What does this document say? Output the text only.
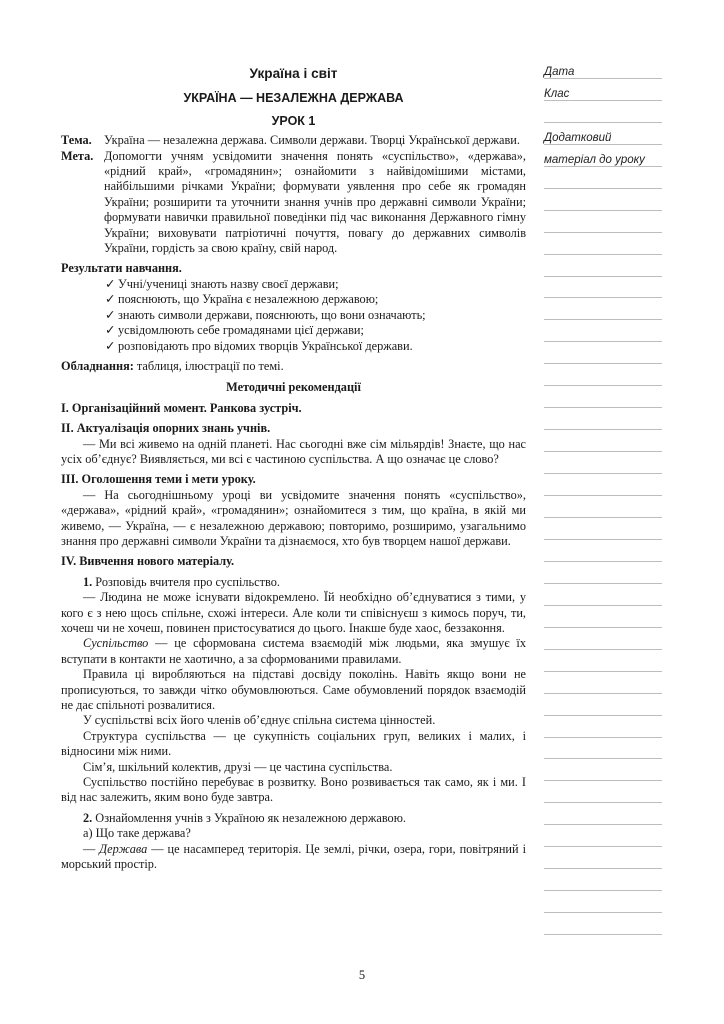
Україна і світ
УКРАЇНА — НЕЗАЛЕЖНА ДЕРЖАВА
УРОК 1
Тема. Україна — незалежна держава. Символи держави. Творці Української держави.
Мета. Допомогти учням усвідомити значення понять «суспільство», «держава», «рідний край», «громадянин»; ознайомити з найвідомішими містами, найбільшими річками України; формувати уявлення про себе як громадян України; розширити та уточнити знання учнів про державні символи України; формувати навички правильної поведінки під час виконання Державного гімну України; виховувати патріотичні почуття, повагу до державних символів України, гордість за свою країну, свій народ.
Результати навчання.
✓ Учні/учениці знають назву своєї держави;
✓ пояснюють, що Україна є незалежною державою;
✓ знають символи держави, пояснюють, що вони означають;
✓ усвідомлюють себе громадянами цієї держави;
✓ розповідають про відомих творців Української держави.
Обладнання: таблиця, ілюстрації по темі.
Методичні рекомендації
I. Організаційний момент. Ранкова зустріч.
II. Актуалізація опорних знань учнів.
— Ми всі живемо на одній планеті. Нас сьогодні вже сім мільярдів! Знаєте, що нас усіх об’єднує? Виявляється, ми всі є частиною суспільства. А що означає це слово?
III. Оголошення теми і мети уроку.
— На сьогоднішньому уроці ви усвідомите значення понять «суспільство», «держава», «рідний край», «громадянин»; ознайомитеся з тим, що країна, в якій ми живемо, — Україна, — є незалежною державою; повторимо, розширимо, узагальнимо знання про державні символи України та дізнаємося, хто був творцем нашої держави.
IV. Вивчення нового матеріалу.
1. Розповідь вчителя про суспільство.
— Людина не може існувати відокремлено. Їй необхідно об’єднуватися з тими, у кого є з нею щось спільне, схожі інтереси. Але коли ти співіснуєш з кимось поруч, ти, хочеш чи не хочеш, повинен пристосуватися до цього. Інакше буде хаос, беззаконня.
Суспільство — це сформована система взаємодій між людьми, яка змушує їх вступати в контакти не хаотично, а за сформованими правилами.
Правила ці виробляються на підставі досвіду поколінь. Навіть якщо вони не прописуються, то завжди чітко обумовлюються. Саме обумовлений порядок взаємодій не дає спільноті розвалитися.
У суспільстві всіх його членів об’єднує спільна система цінностей.
Структура суспільства — це сукупність соціальних груп, великих і малих, і відносини між ними.
Сім’я, шкільний колектив, друзі — це частина суспільства.
Суспільство постійно перебуває в розвитку. Воно розвивається так само, як і ми. І від нас залежить, яким воно буде завтра.
2. Ознайомлення учнів з Україною як незалежною державою.
а) Що таке держава?
— Держава — це насамперед територія. Це землі, річки, озера, гори, повітряний і морський простір.
Дата
Клас
Додатковий
матеріал до уроку
5
